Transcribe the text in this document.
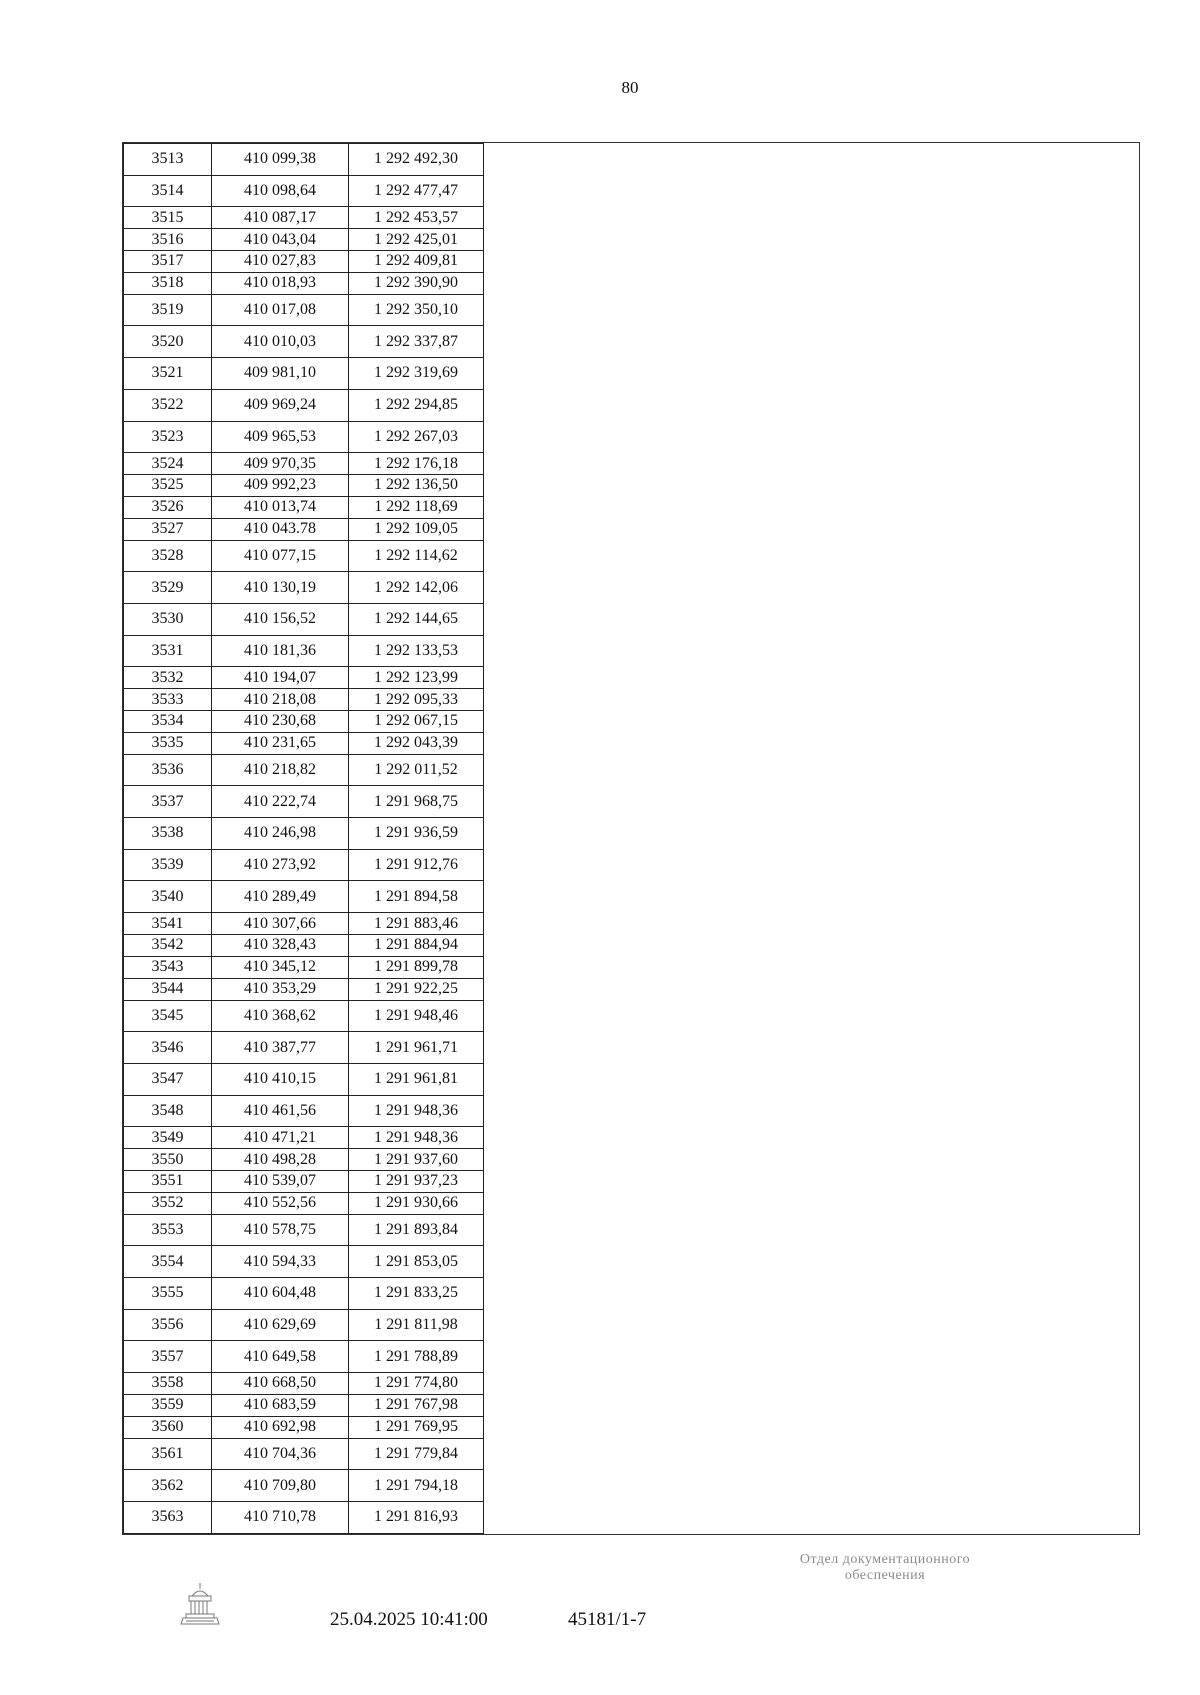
80
3513	410 099,38	1 292 492,30
3514	410 098,64	1 292 477,47
3515	410 087,17	1 292 453,57
3516	410 043,04	1 292 425,01
3517	410 027,83	1 292 409,81
3518	410 018,93	1 292 390,90
3519	410 017,08	1 292 350,10
3520	410 010,03	1 292 337,87
3521	409 981,10	1 292 319,69
3522	409 969,24	1 292 294,85
3523	409 965,53	1 292 267,03
3524	409 970,35	1 292 176,18
3525	409 992,23	1 292 136,50
3526	410 013,74	1 292 118,69
3527	410 043.78	1 292 109,05
3528	410 077,15	1 292 114,62
3529	410 130,19	1 292 142,06
3530	410 156,52	1 292 144,65
3531	410 181,36	1 292 133,53
3532	410 194,07	1 292 123,99
3533	410 218,08	1 292 095,33
3534	410 230,68	1 292 067,15
3535	410 231,65	1 292 043,39
3536	410 218,82	1 292 011,52
3537	410 222,74	1 291 968,75
3538	410 246,98	1 291 936,59
3539	410 273,92	1 291 912,76
3540	410 289,49	1 291 894,58
3541	410 307,66	1 291 883,46
3542	410 328,43	1 291 884,94
3543	410 345,12	1 291 899,78
3544	410 353,29	1 291 922,25
3545	410 368,62	1 291 948,46
3546	410 387,77	1 291 961,71
3547	410 410,15	1 291 961,81
3548	410 461,56	1 291 948,36
3549	410 471,21	1 291 948,36
3550	410 498,28	1 291 937,60
3551	410 539,07	1 291 937,23
3552	410 552,56	1 291 930,66
3553	410 578,75	1 291 893,84
3554	410 594,33	1 291 853,05
3555	410 604,48	1 291 833,25
3556	410 629,69	1 291 811,98
3557	410 649,58	1 291 788,89
3558	410 668,50	1 291 774,80
3559	410 683,59	1 291 767,98
3560	410 692,98	1 291 769,95
3561	410 704,36	1 291 779,84
3562	410 709,80	1 291 794,18
3563	410 710,78	1 291 816,93
Отдел документационного
обеспечения
25.04.2025 10:41:00	45181/1-7
